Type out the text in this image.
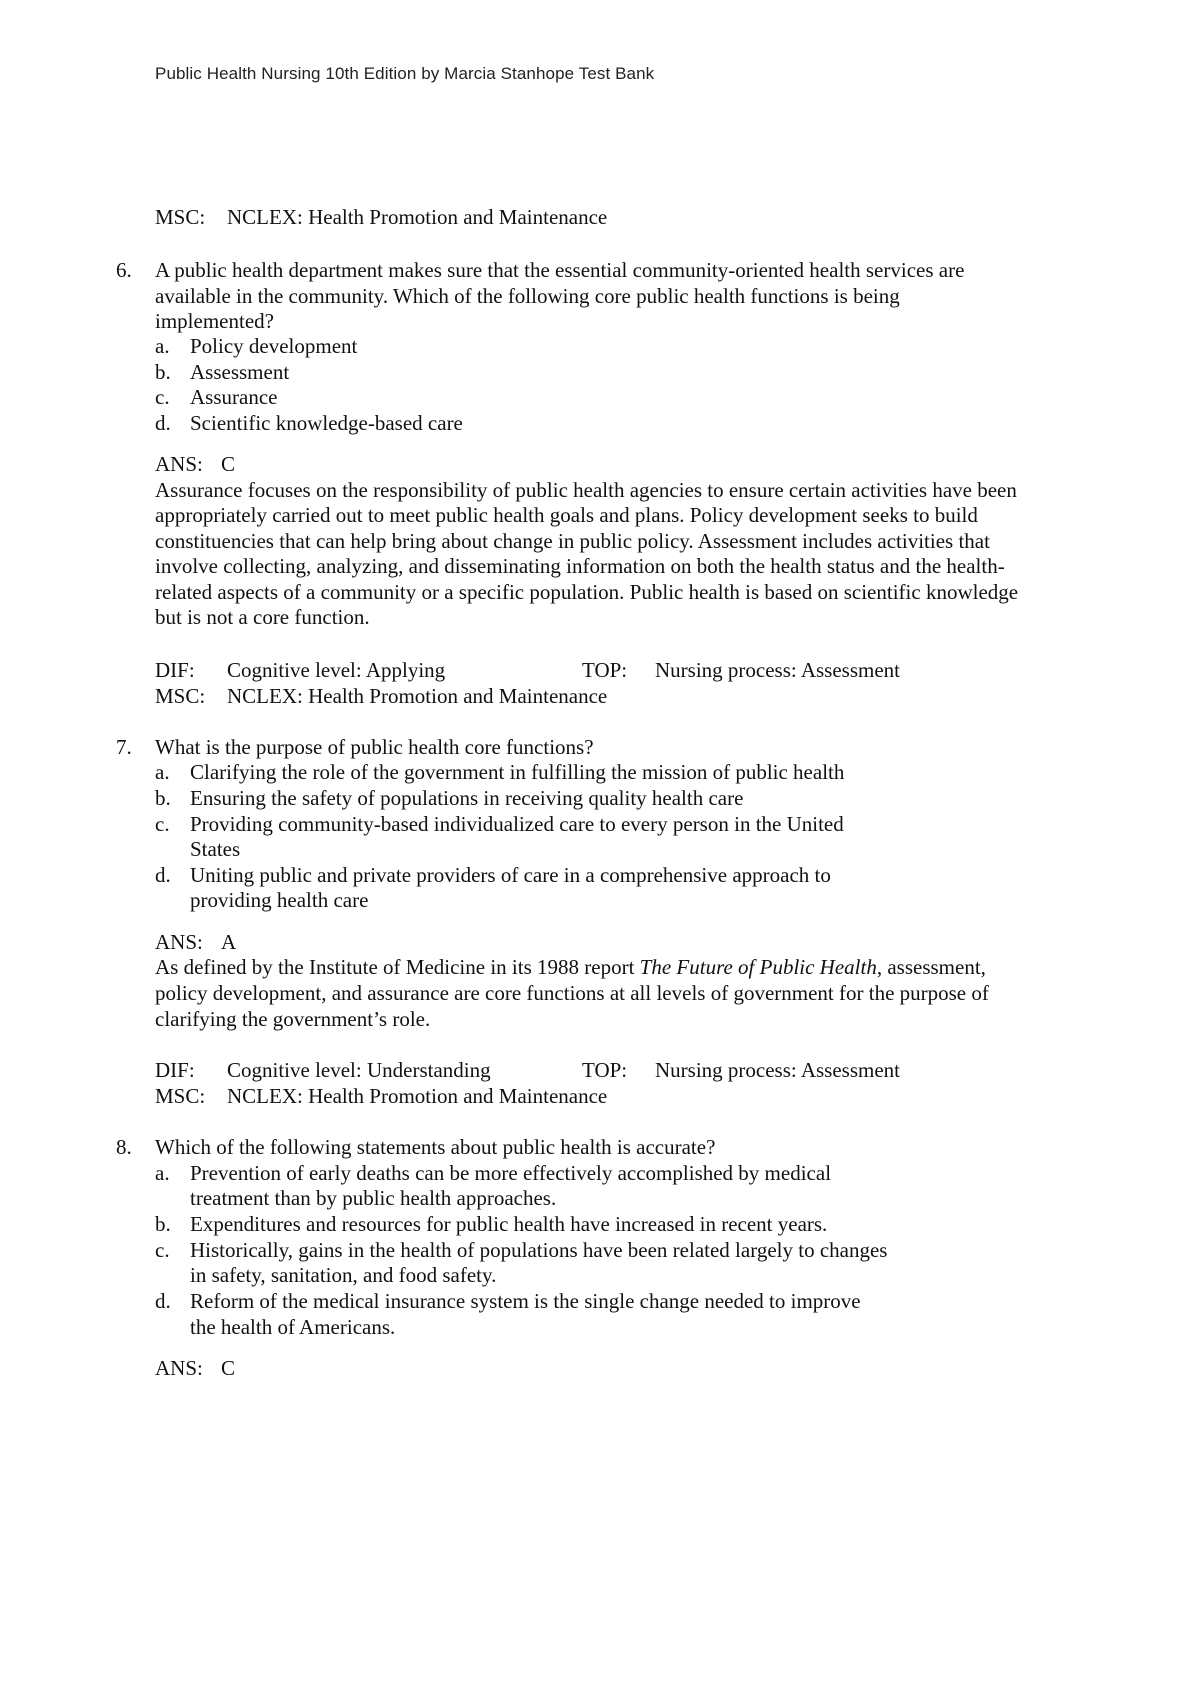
Public Health Nursing 10th Edition by Marcia Stanhope Test Bank
MSC: NCLEX: Health Promotion and Maintenance
6. A public health department makes sure that the essential community-oriented health services are
available in the community. Which of the following core public health functions is being
implemented?
a. Policy development
b. Assessment
c. Assurance
d. Scientific knowledge-based care
ANS: C
Assurance focuses on the responsibility of public health agencies to ensure certain activities have been
appropriately carried out to meet public health goals and plans. Policy development seeks to build
constituencies that can help bring about change in public policy. Assessment includes activities that
involve collecting, analyzing, and disseminating information on both the health status and the health-
related aspects of a community or a specific population. Public health is based on scientific knowledge
but is not a core function.
DIF: Cognitive level: Applying	TOP: Nursing process: Assessment
MSC: NCLEX: Health Promotion and Maintenance
7. What is the purpose of public health core functions?
a. Clarifying the role of the government in fulfilling the mission of public health
b. Ensuring the safety of populations in receiving quality health care
c. Providing community-based individualized care to every person in the United
States
d. Uniting public and private providers of care in a comprehensive approach to
providing health care
ANS: A
As defined by the Institute of Medicine in its 1988 report The Future of Public Health, assessment,
policy development, and assurance are core functions at all levels of government for the purpose of
clarifying the government’s role.
DIF: Cognitive level: Understanding	TOP: Nursing process: Assessment
MSC: NCLEX: Health Promotion and Maintenance
8. Which of the following statements about public health is accurate?
a. Prevention of early deaths can be more effectively accomplished by medical
treatment than by public health approaches.
b. Expenditures and resources for public health have increased in recent years.
c. Historically, gains in the health of populations have been related largely to changes
in safety, sanitation, and food safety.
d. Reform of the medical insurance system is the single change needed to improve
the health of Americans.
ANS: C
